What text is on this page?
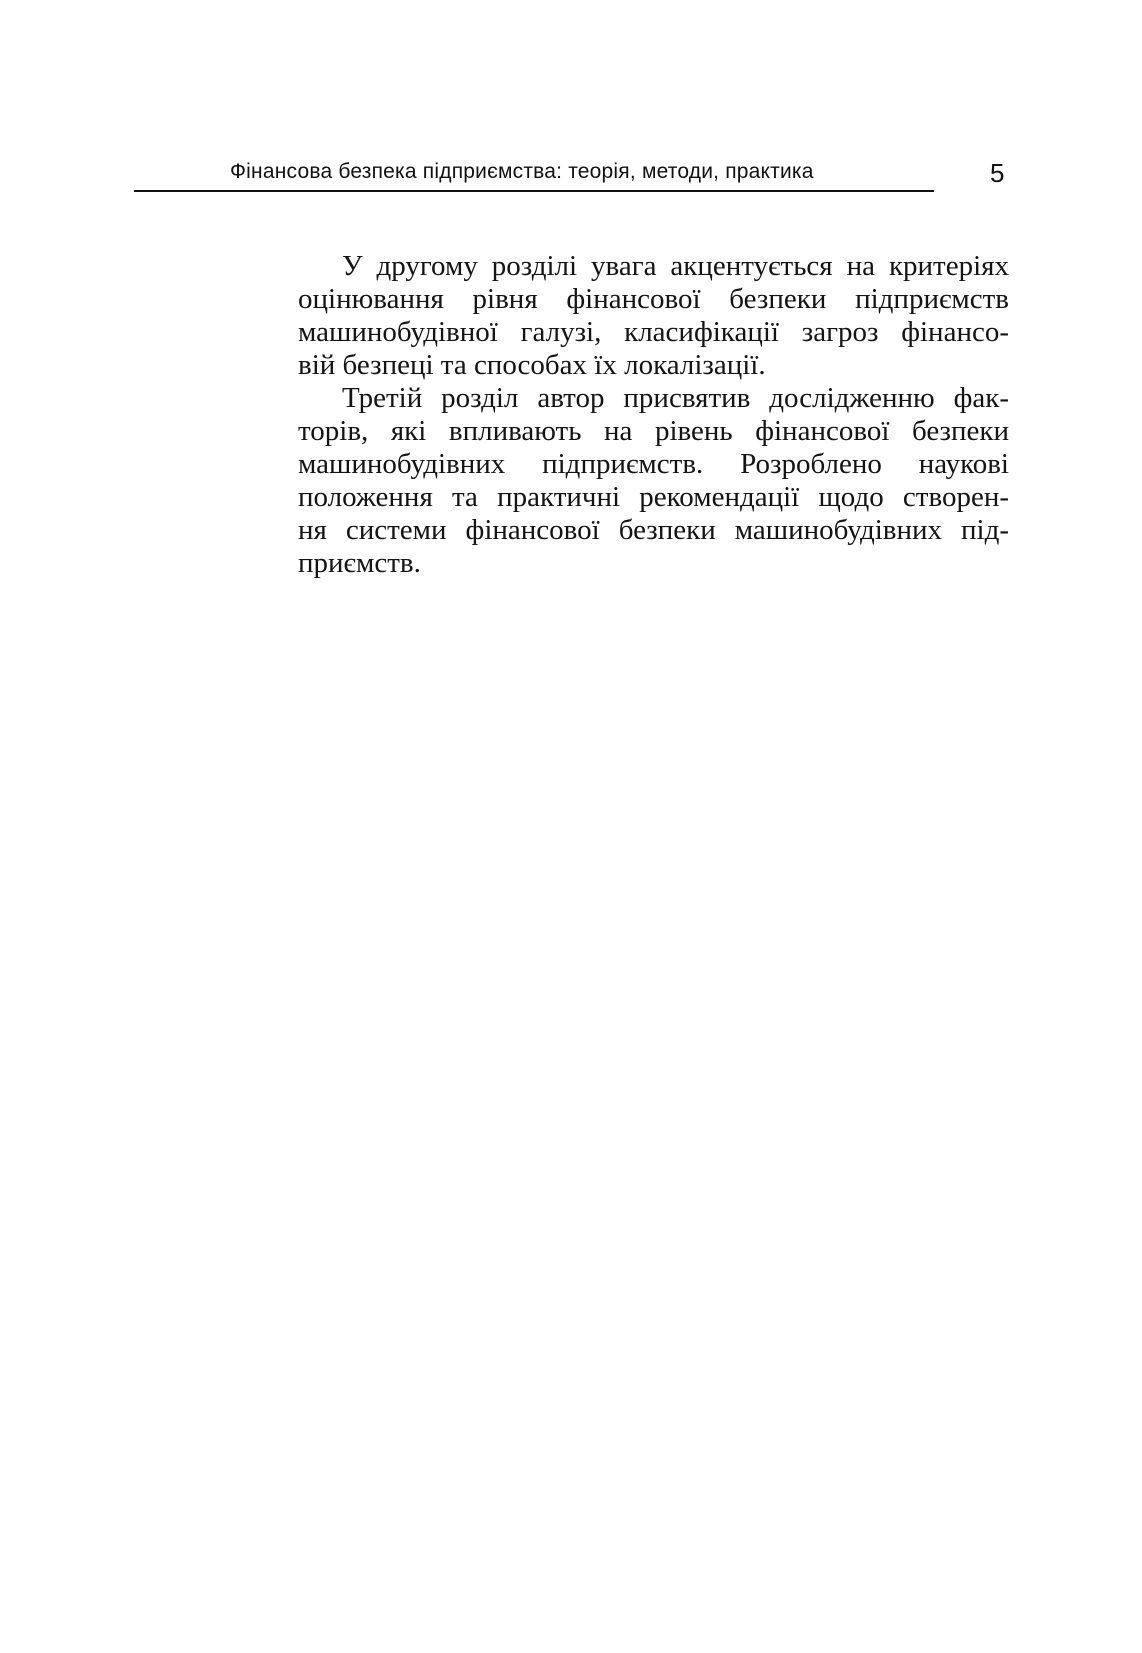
Фінансова безпека підприємства: теорія, методи, практика	5
У другому розділі увага акцентується на критеріях
оцінювання рівня фінансової безпеки підприємств
машинобудівної галузі, класифікації загроз фінансо-
вій безпеці та способах їх локалізації.
Третій розділ автор присвятив дослідженню фак-
торів, які впливають на рівень фінансової безпеки
машинобудівних підприємств. Розроблено наукові
положення та практичні рекомендації щодо створен-
ня системи фінансової безпеки машинобудівних під-
приємств.
